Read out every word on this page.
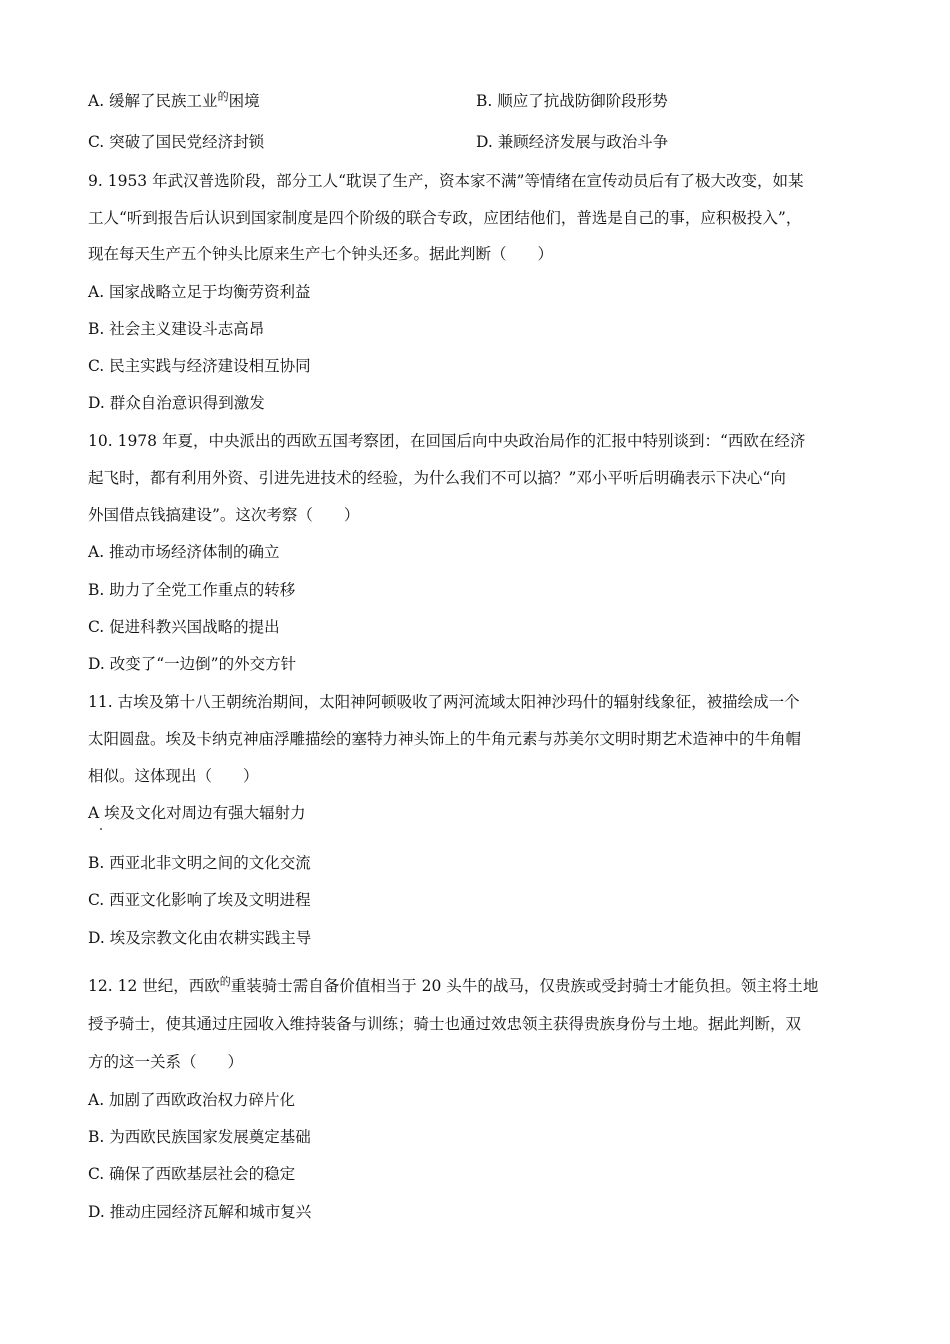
A. 缓解了民族工业$^的$困境	B. 顺应了抗战防御阶段形势
C. 突破了国民党经济封锁	D. 兼顾经济发展与政治斗争
9. 1953 年武汉普选阶段，部分工人“耽误了生产，资本家不满”等情绪在宣传动员后有了极大改变，如某
工人“听到报告后认识到国家制度是四个阶级的联合专政，应团结他们，普选是自己的事，应积极投入”，
现在每天生产五个钟头比原来生产七个钟头还多。据此判断（　　）
A. 国家战略立足于均衡劳资利益
B. 社会主义建设斗志高昂
C. 民主实践与经济建设相互协同
D. 群众自治意识得到激发
10. 1978 年夏，中央派出的西欧五国考察团，在回国后向中央政治局作的汇报中特别谈到：“西欧在经济
起飞时，都有利用外资、引进先进技术的经验，为什么我们不可以搞？”邓小平听后明确表示下决心“向
外国借点钱搞建设”。这次考察（　　）
A. 推动市场经济体制的确立
B. 助力了全党工作重点的转移
C. 促进科教兴国战略的提出
D. 改变了“一边倒”的外交方针
11. 古埃及第十八王朝统治期间，太阳神阿顿吸收了两河流域太阳神沙玛什的辐射线象征，被描绘成一个
太阳圆盘。埃及卡纳克神庙浮雕描绘的塞特力神头饰上的牛角元素与苏美尔文明时期艺术造神中的牛角帽
相似。这体现出（　　）
A 埃及文化对周边有强大辐射力
B. 西亚北非文明之间的文化交流
C. 西亚文化影响了埃及文明进程
D. 埃及宗教文化由农耕实践主导
12. 12 世纪，西欧$^的$重装骑士需自备价值相当于 20 头牛的战马，仅贵族或受封骑士才能负担。领主将土地
授予骑士，使其通过庄园收入维持装备与训练；骑士也通过效忠领主获得贵族身份与土地。据此判断，双
方的这一关系（　　）
A. 加剧了西欧政治权力碎片化
B. 为西欧民族国家发展奠定基础
C. 确保了西欧基层社会的稳定
D. 推动庄园经济瓦解和城市复兴
